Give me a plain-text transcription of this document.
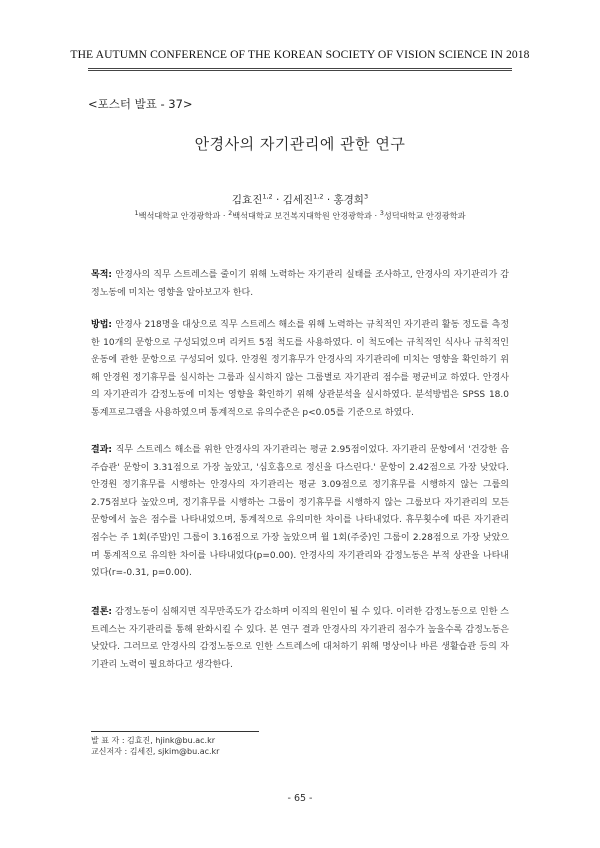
THE AUTUMN CONFERENCE OF THE KOREAN SOCIETY OF VISION SCIENCE IN 2018
<포스터 발표 - 37>
안경사의 자기관리에 관한 연구
김효진$^{1,2}$ · 김세진$^{1,2}$ · 홍경희$^3$
$^1$백석대학교 안경광학과 · $^2$백석대학교 보건복지대학원 안경광학과 · $^3$성덕대학교 안경광학과

목적: 안경사의 직무 스트레스를 줄이기 위해 노력하는 자기관리 실태를 조사하고, 안경사의 자기관리가 감정노동에 미치는 영향을 알아보고자 한다.

방법: 안경사 218명을 대상으로 직무 스트레스 해소를 위해 노력하는 규칙적인 자기관리 활동 정도를 측정한 10개의 문항으로 구성되었으며 리커트 5점 척도를 사용하였다. 이 척도에는 규칙적인 식사나 규칙적인 운동에 관한 문항으로 구성되어 있다. 안경원 정기휴무가 안경사의 자기관리에 미치는 영향을 확인하기 위해 안경원 정기휴무를 실시하는 그룹과 실시하지 않는 그룹별로 자기관리 점수를 평균비교 하였다. 안경사의 자기관리가 감정노동에 미치는 영향을 확인하기 위해 상관분석을 실시하였다. 분석방법은 SPSS 18.0 통계프로그램을 사용하였으며 통계적으로 유의수준은 p<0.05를 기준으로 하였다.

결과: 직무 스트레스 해소를 위한 안경사의 자기관리는 평균 2.95점이었다. 자기관리 문항에서 '건강한 음주습관' 문항이 3.31점으로 가장 높았고, '심호흡으로 정신을 다스린다.' 문항이 2.42점으로 가장 낮았다. 안경원 정기휴무를 시행하는 안경사의 자기관리는 평균 3.09점으로 정기휴무를 시행하지 않는 그룹의 2.75점보다 높았으며, 정기휴무를 시행하는 그룹이 정기휴무를 시행하지 않는 그룹보다 자기관리의 모든 문항에서 높은 점수를 나타내었으며, 통계적으로 유의미한 차이를 나타내었다. 휴무횟수에 따른 자기관리 점수는 주 1회(주말)인 그룹이 3.16점으로 가장 높았으며 월 1회(주중)인 그룹이 2.28점으로 가장 낮았으며 통계적으로 유의한 차이를 나타내었다(p=0.00). 안경사의 자기관리와 감정노동은 부적 상관을 나타내었다(r=-0.31, p=0.00).

결론: 감정노동이 심해지면 직무만족도가 감소하며 이직의 원인이 될 수 있다. 이러한 감정노동으로 인한 스트레스는 자기관리를 통해 완화시킬 수 있다. 본 연구 결과 안경사의 자기관리 점수가 높을수록 감정노동은 낮았다. 그러므로 안경사의 감정노동으로 인한 스트레스에 대처하기 위해 명상이나 바른 생활습관 등의 자기관리 노력이 필요하다고 생각한다.

발 표 자 : 김효진, hjink@bu.ac.kr
교신저자 : 김세진, sjkim@bu.ac.kr
- 65 -
